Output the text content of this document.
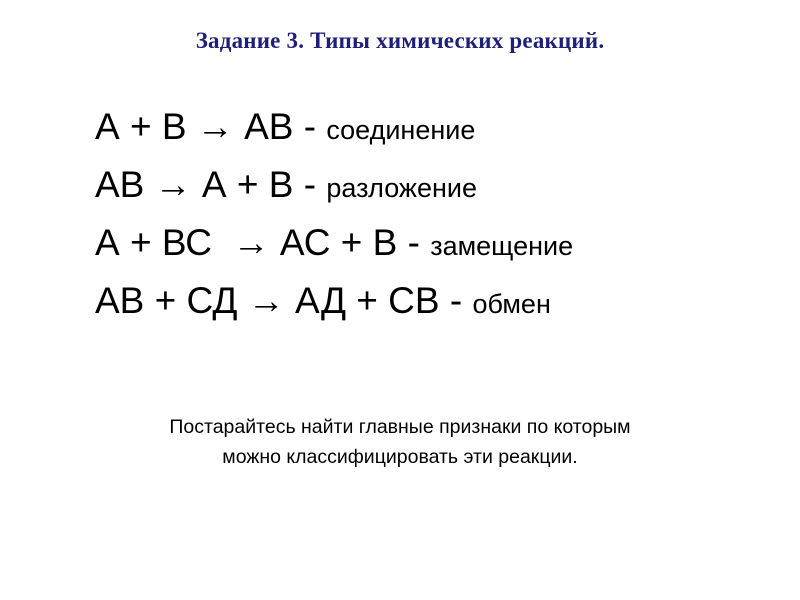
Задание 3. Типы химических реакций.
А + В → АВ - соединение
АВ → А + В - разложение
А + ВС  → АС + В - замещение
АВ + СД → АД + СВ - обмен
Постарайтесь найти главные признаки по которым
можно классифицировать эти реакции.
